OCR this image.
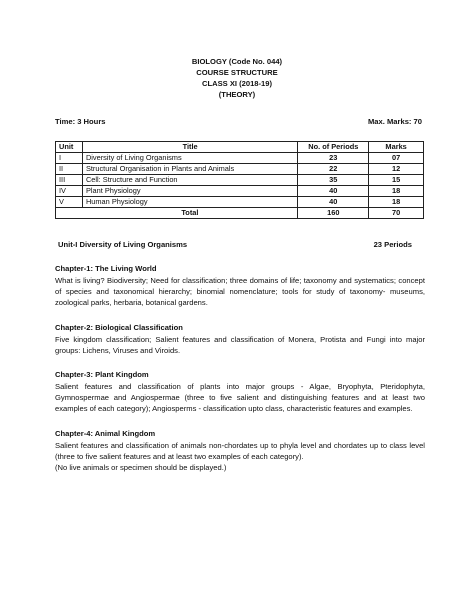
BIOLOGY (Code No. 044)
COURSE STRUCTURE
CLASS XI (2018-19)
(THEORY)
Time: 3 Hours	Max. Marks: 70
Unit	Title	No. of Periods	Marks
I	Diversity of Living Organisms	23	07
II	Structural Organisation in Plants and Animals	22	12
III	Cell: Structure and Function	35	15
IV	Plant Physiology	40	18
V	Human Physiology	40	18
	Total	160	70
Unit-I Diversity of Living Organisms	23 Periods
Chapter-1: The Living World

What is living? Biodiversity; Need for classification; three domains of life; taxonomy and systematics; concept of species and taxonomical hierarchy; binomial nomenclature; tools for study of taxonomy- museums, zoological parks, herbaria, botanical gardens.

Chapter-2: Biological Classification

Five kingdom classification; Salient features and classification of Monera, Protista and Fungi into major groups: Lichens, Viruses and Viroids.

Chapter-3: Plant Kingdom

Salient features and classification of plants into major groups - Algae, Bryophyta, Pteridophyta, Gymnospermae and Angiospermae (three to five salient and distinguishing features and at least two examples of each category); Angiosperms - classification upto class, characteristic features and examples.

Chapter-4: Animal Kingdom

Salient features and classification of animals non-chordates up to phyla level and chordates up to class level (three to five salient features and at least two examples of each category).

(No live animals or specimen should be displayed.)
